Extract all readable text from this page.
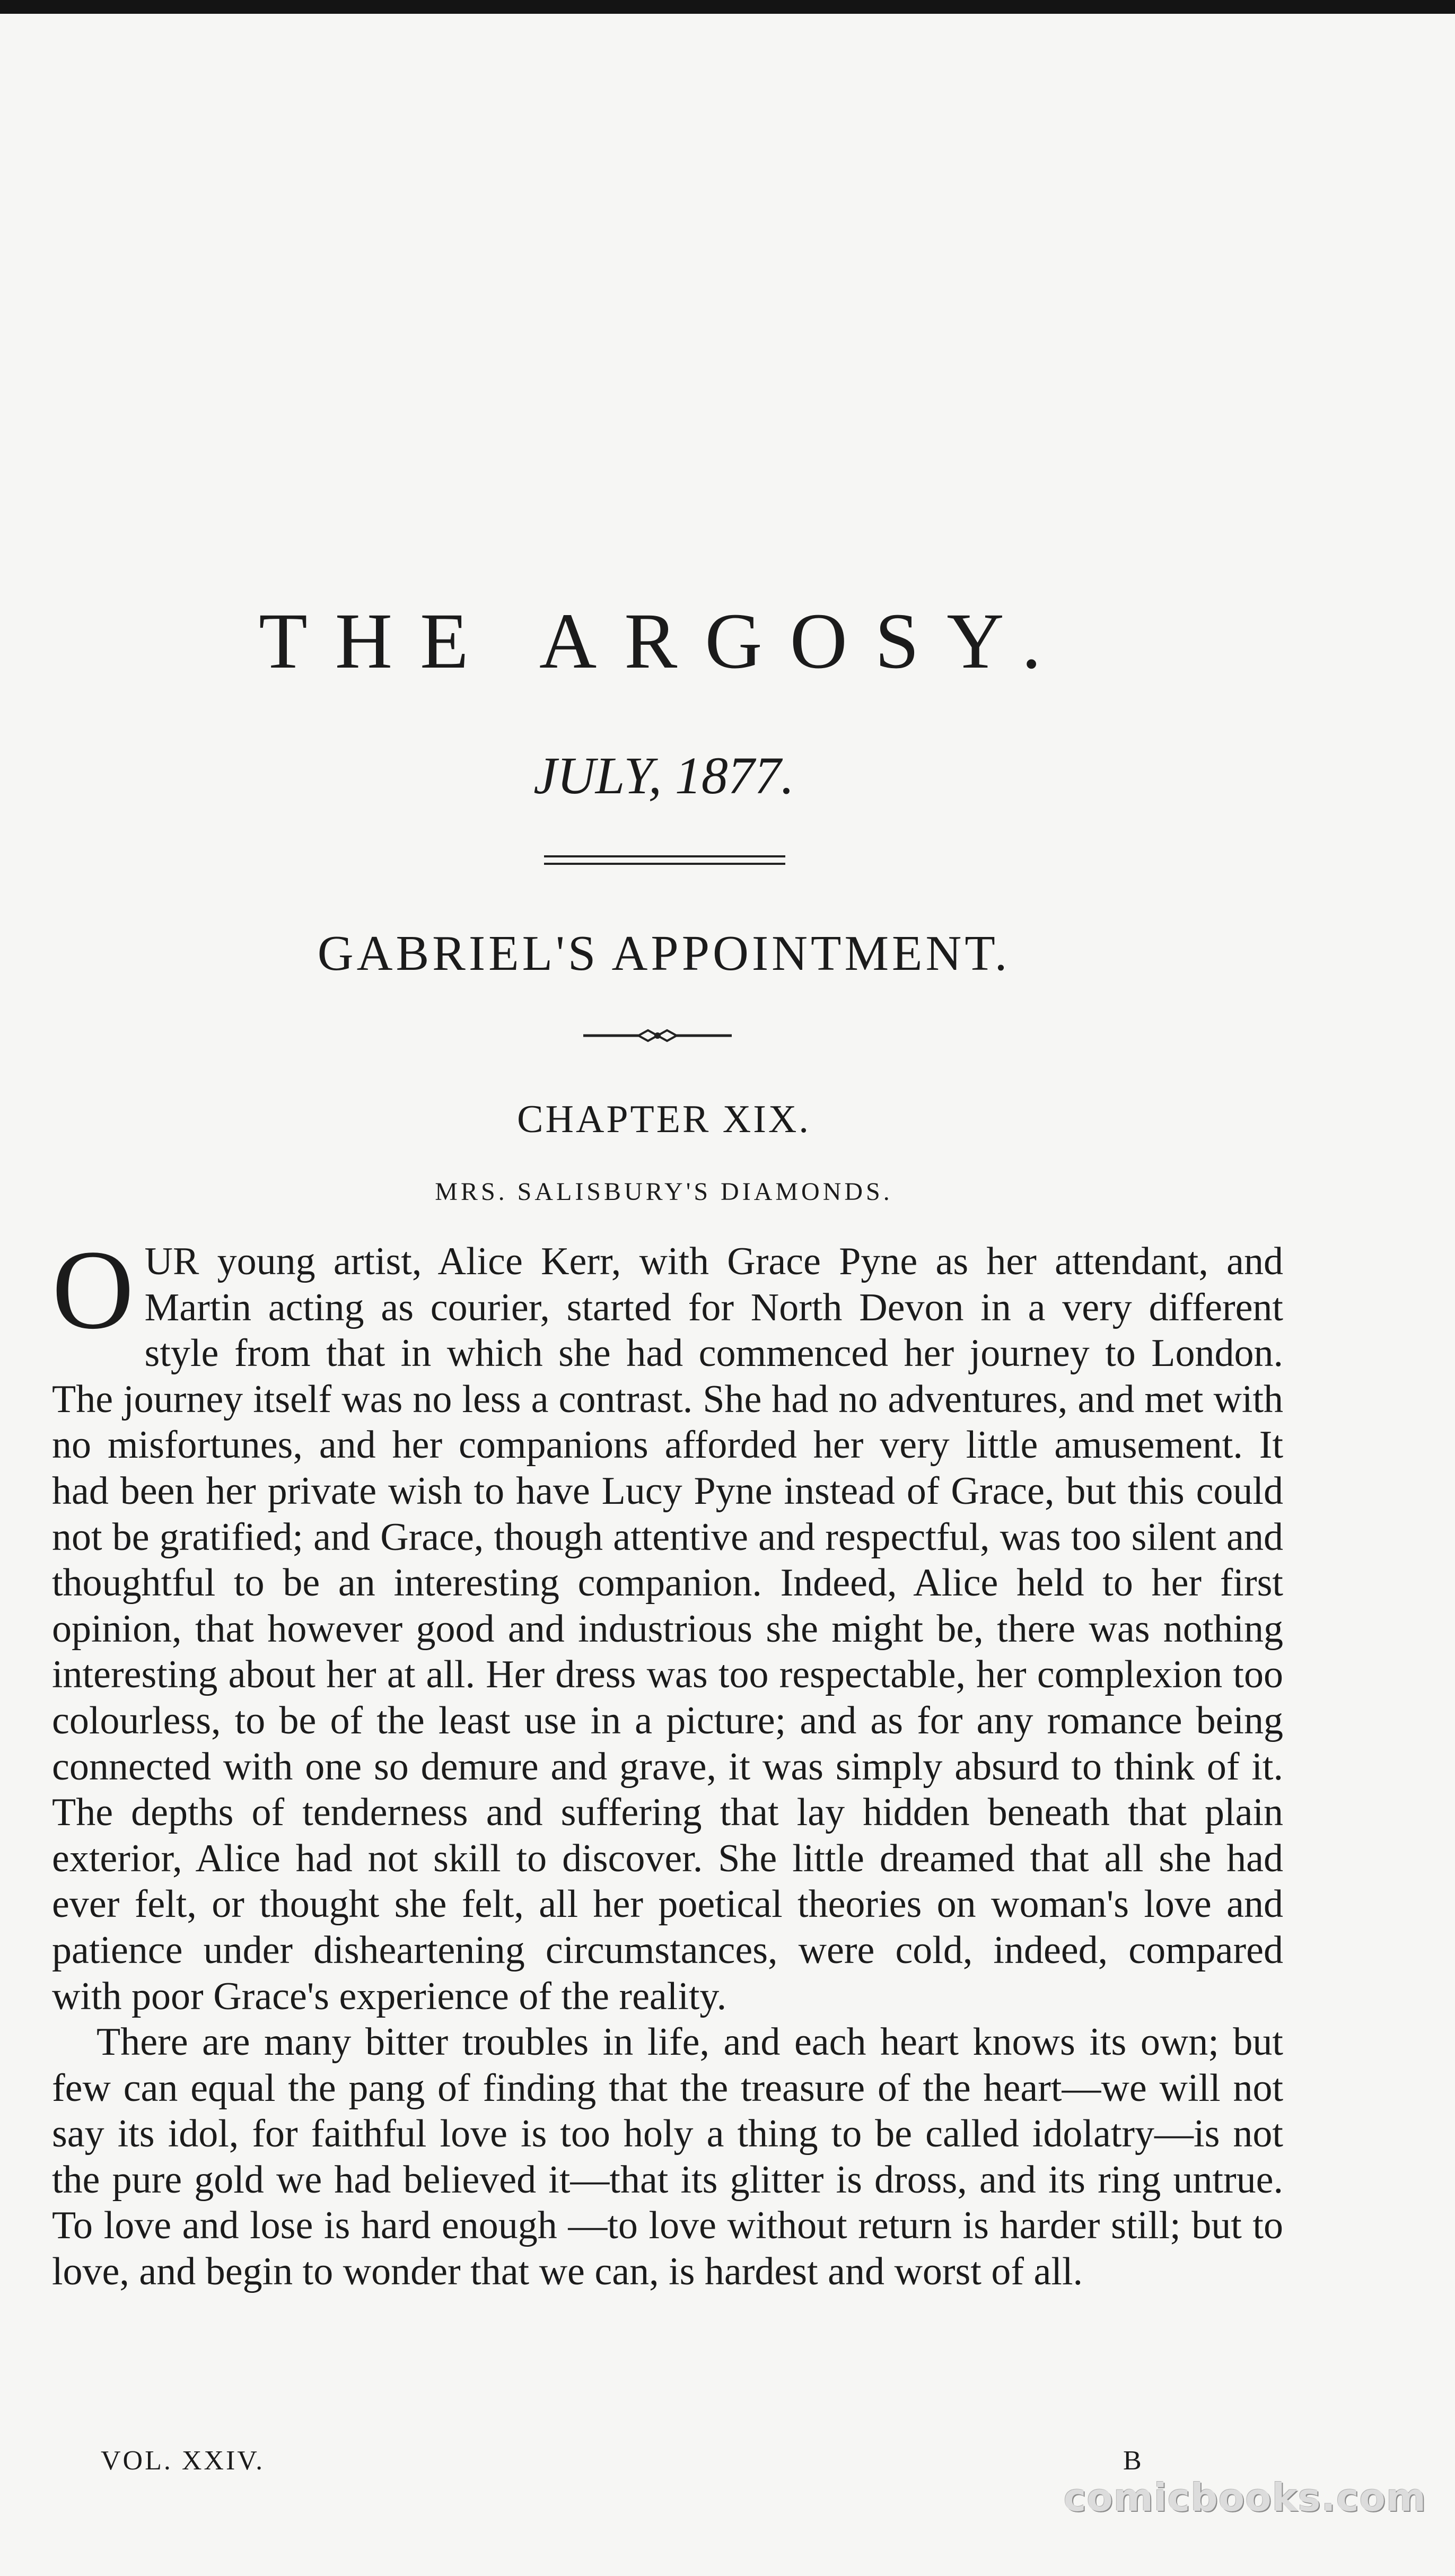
THE ARGOSY.
JULY, 1877.
GABRIEL'S APPOINTMENT.
CHAPTER XIX.
MRS. SALISBURY'S DIAMONDS.

OUR young artist, Alice Kerr, with Grace Pyne as her attendant, and Martin acting as courier, started for North Devon in a very different style from that in which she had commenced her journey to London. The journey itself was no less a contrast. She had no adventures, and met with no misfortunes, and her companions afforded her very little amusement. It had been her private wish to have Lucy Pyne instead of Grace, but this could not be gratified; and Grace, though attentive and respectful, was too silent and thoughtful to be an interesting companion. Indeed, Alice held to her first opinion, that however good and industrious she might be, there was nothing interesting about her at all. Her dress was too respectable, her complexion too colourless, to be of the least use in a picture; and as for any romance being connected with one so demure and grave, it was simply absurd to think of it. The depths of tenderness and suffering that lay hidden beneath that plain exterior, Alice had not skill to discover. She little dreamed that all she had ever felt, or thought she felt, all her poetical theories on woman's love and patience under disheartening circumstances, were cold, indeed, compared with poor Grace's experience of the reality.

There are many bitter troubles in life, and each heart knows its own; but few can equal the pang of finding that the treasure of the heart—we will not say its idol, for faithful love is too holy a thing to be called idolatry—is not the pure gold we had believed it—that its glitter is dross, and its ring untrue. To love and lose is hard enough —to love without return is harder still; but to love, and begin to wonder that we can, is hardest and worst of all.

VOL. XXIV.	B
comicbooks.com
